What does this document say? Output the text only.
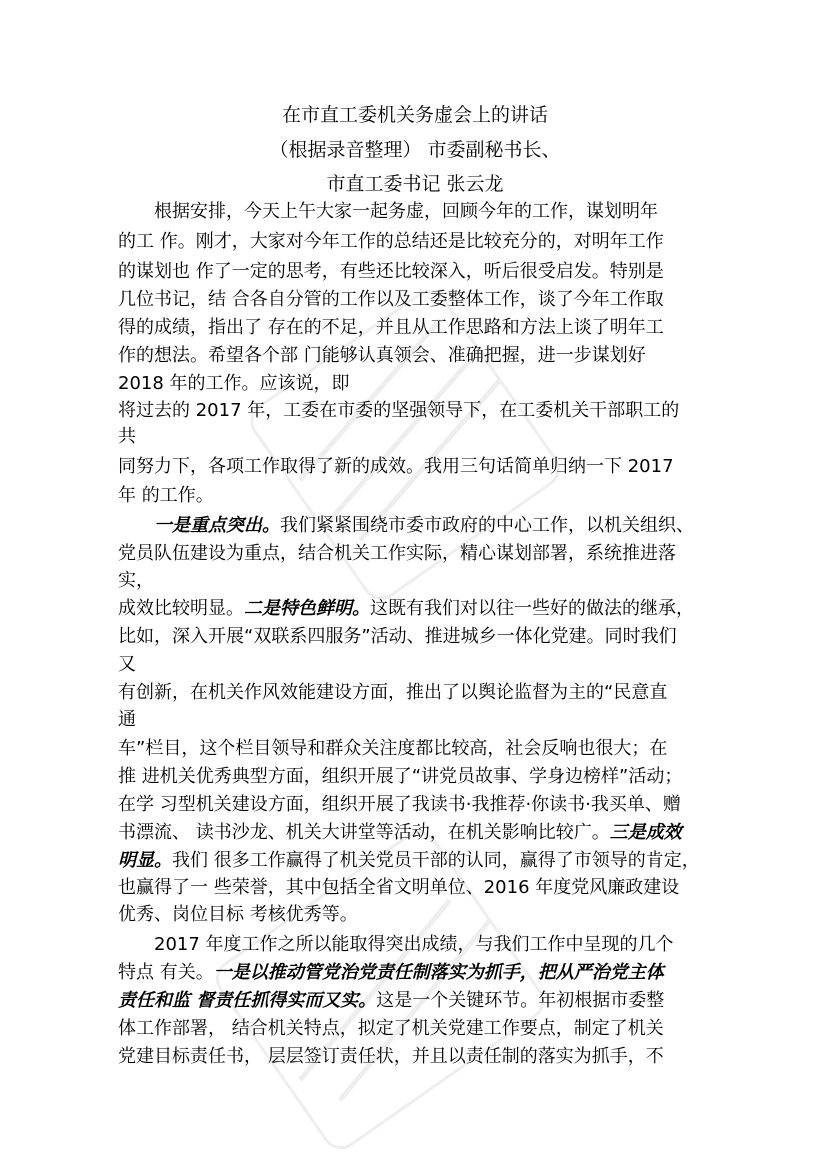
在市直工委机关务虚会上的讲话
（根据录音整理） 市委副秘书长、
市直工委书记 张云龙
根据安排，今天上午大家一起务虚，回顾今年的工作，谋划明年
的工 作。刚才，大家对今年工作的总结还是比较充分的，对明年工作
的谋划也 作了一定的思考，有些还比较深入，听后很受启发。特别是
几位书记，结 合各自分管的工作以及工委整体工作，谈了今年工作取
得的成绩，指出了 存在的不足，并且从工作思路和方法上谈了明年工
作的想法。希望各个部 门能够认真领会、准确把握，进一步谋划好
2018 年的工作。应该说，即
将过去的 2017 年，工委在市委的坚强领导下，在工委机关干部职工的
共
同努力下，各项工作取得了新的成效。我用三句话简单归纳一下 2017
年 的工作。
一是重点突出。我们紧紧围绕市委市政府的中心工作，以机关组织、
党员队伍建设为重点，结合机关工作实际，精心谋划部署，系统推进落
实，
成效比较明显。二是特色鲜明。这既有我们对以往一些好的做法的继承，
比如，深入开展“双联系四服务”活动、推进城乡一体化党建。同时我们
又
有创新，在机关作风效能建设方面，推出了以舆论监督为主的“民意直
通
车”栏目，这个栏目领导和群众关注度都比较高，社会反响也很大；在
推 进机关优秀典型方面，组织开展了“讲党员故事、学身边榜样”活动；
在学 习型机关建设方面，组织开展了我读书·我推荐·你读书·我买单、赠
书漂流、 读书沙龙、机关大讲堂等活动，在机关影响比较广。三是成效
明显。我们 很多工作赢得了机关党员干部的认同，赢得了市领导的肯定，
也赢得了一 些荣誉，其中包括全省文明单位、2016 年度党风廉政建设
优秀、岗位目标 考核优秀等。
2017 年度工作之所以能取得突出成绩，与我们工作中呈现的几个
特点 有关。一是以推动管党治党责任制落实为抓手，把从严治党主体
责任和监 督责任抓得实而又实。这是一个关键环节。年初根据市委整
体工作部署， 结合机关特点，拟定了机关党建工作要点，制定了机关
党建目标责任书， 层层签订责任状，并且以责任制的落实为抓手，不
